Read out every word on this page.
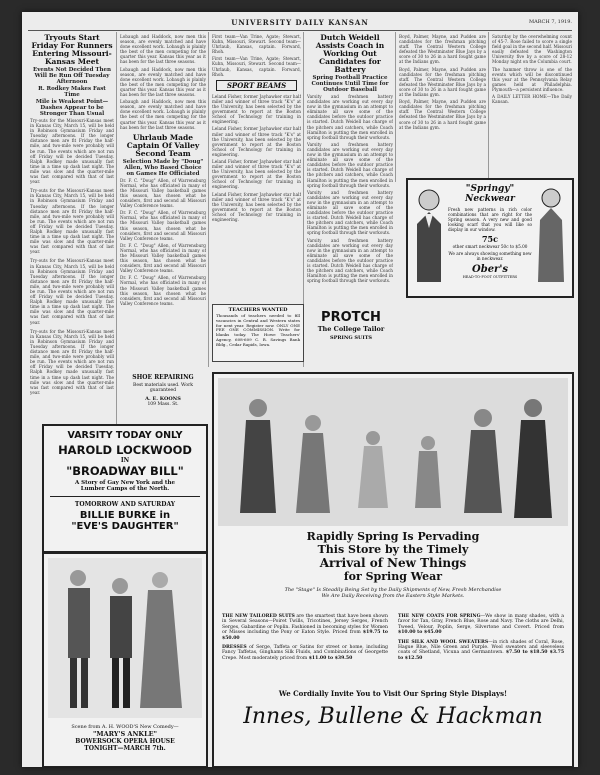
UNIVERSITY DAILY KANSAN	MARCH 7, 1919.
Tryouts Start Friday For Runners Entering Missouri-Kansas Meet
Events Not Decided Then Will Be Run Off Tuesday Afternoon
R. Rodkey Makes Fast Time
Mile is Weakest Point—Dashes Appear to be Stronger Than Usual

Try-outs for the Missouri-Kansas meet in Kansas City, March 15, will be held in Robinson Gymnasium Friday and Tuesday afternoons. If the longer distance men are fit Friday the half-mile, and two-mile were probably will be run. The events which are not run off Friday will be decided Tuesday. Ralph Rodkey made unusually fast time in a time up dash last night. The mile was slow and the quarter-mile was fast compared with that of last year.

Try-outs for the Missouri-Kansas meet in Kansas City, March 15, will be held in Robinson Gymnasium Friday and Tuesday afternoons. If the longer distance men are fit Friday the half-mile, and two-mile were probably will be run. The events which are not run off Friday will be decided Tuesday. Ralph Rodkey made unusually fast time in a time up dash last night. The mile was slow and the quarter-mile was fast compared with that of last year.

Try-outs for the Missouri-Kansas meet in Kansas City, March 15, will be held in Robinson Gymnasium Friday and Tuesday afternoons. If the longer distance men are fit Friday the half-mile, and two-mile were probably will be run. The events which are not run off Friday will be decided Tuesday. Ralph Rodkey made unusually fast time in a time up dash last night. The mile was slow and the quarter-mile was fast compared with that of last year.

Try-outs for the Missouri-Kansas meet in Kansas City, March 15, will be held in Robinson Gymnasium Friday and Tuesday afternoons. If the longer distance men are fit Friday the half-mile, and two-mile were probably will be run. The events which are not run off Friday will be decided Tuesday. Ralph Rodkey made unusually fast time in a time up dash last night. The mile was slow and the quarter-mile was fast compared with that of last year.

Lobaugh and Haddock, now men this season, are evenly matched and have done excellent work. Lobaugh is plainly the best of the men competing for the quarter this year. Kansas this year as it has been for the last three seasons.

Lobaugh and Haddock, now men this season, are evenly matched and have done excellent work. Lobaugh is plainly the best of the men competing for the quarter this year. Kansas this year as it has been for the last three seasons.

Lobaugh and Haddock, now men this season, are evenly matched and have done excellent work. Lobaugh is plainly the best of the men competing for the quarter this year. Kansas this year as it has been for the last three seasons.

Uhrlaub Made Captain Of Valley Second Team
Selection Made by "Doug" Allen, Who Based Choice on Games He Officiated

Dr. F. C. "Doug" Allen, of Warrensburg Normal, who has officiated in many of the Missouri Valley basketball games this season, has chosen what he considers, first and second all Missouri Valley Conference teams.

Dr. F. C. "Doug" Allen, of Warrensburg Normal, who has officiated in many of the Missouri Valley basketball games this season, has chosen what he considers, first and second all Missouri Valley Conference teams.

Dr. F. C. "Doug" Allen, of Warrensburg Normal, who has officiated in many of the Missouri Valley basketball games this season, has chosen what he considers, first and second all Missouri Valley Conference teams.

Dr. F. C. "Doug" Allen, of Warrensburg Normal, who has officiated in many of the Missouri Valley basketball games this season, has chosen what he considers, first and second all Missouri Valley Conference teams.

SHOE REPAIRING
Best materials used. Work guaranteed
A. E. KOONS
109 Mass. St.

First team—Van Trine, Agate; Stewart, Kuhn, Missouri, Stewart. Second team—Uhrlaub, Kansas, captain. Forward, Rhoh.

First team—Van Trine, Agate; Stewart, Kuhn, Missouri, Stewart. Second team—Uhrlaub, Kansas, captain. Forward, Rhoh.

SPORT BEAMS

Leland Fisher, former Jayhawker star half miler and winner of three track "K's" at the University, has been selected by the government to report at the Boston School of Technology for training in engineering.

Leland Fisher, former Jayhawker star half miler and winner of three track "K's" at the University, has been selected by the government to report at the Boston School of Technology for training in engineering.

Leland Fisher, former Jayhawker star half miler and winner of three track "K's" at the University, has been selected by the government to report at the Boston School of Technology for training in engineering.

Leland Fisher, former Jayhawker star half miler and winner of three track "K's" at the University, has been selected by the government to report at the Boston School of Technology for training in engineering.

Dutch Weidell Assists Coach in Working Out Candidates for Battery
Spring Football Practice Continues Until Time for Outdoor Baseball

Varsity and freshmen battery candidates are working out every day now in the gymnasium in an attempt to eliminate all save some of the candidates before the outdoor practice is started. Dutch Weidell has charge of the pitchers and catchers, while Coach Hamilton is putting the men enrolled in spring football through their workouts.

Varsity and freshmen battery candidates are working out every day now in the gymnasium in an attempt to eliminate all save some of the candidates before the outdoor practice is started. Dutch Weidell has charge of the pitchers and catchers, while Coach Hamilton is putting the men enrolled in spring football through their workouts.

Varsity and freshmen battery candidates are working out every day now in the gymnasium in an attempt to eliminate all save some of the candidates before the outdoor practice is started. Dutch Weidell has charge of the pitchers and catchers, while Coach Hamilton is putting the men enrolled in spring football through their workouts.

Varsity and freshmen battery candidates are working out every day now in the gymnasium in an attempt to eliminate all save some of the candidates before the outdoor practice is started. Dutch Weidell has charge of the pitchers and catchers, while Coach Hamilton is putting the men enrolled in spring football through their workouts.

TEACHERS WANTED
Thousands of teachers needed to fill vacancies in Central and Western states for next year. Register now. ONLY ONE FEE ONE COMMISSION. Write for blanks today. The Howe Teachers' Agency, 608-609 C. R. Savings Bank Bldg., Cedar Rapids, Iowa.
PROTCH
The College Tailor
SPRING SUITS

Boyd, Palmer, Mayne, and Pudden are candidates for the freshman pitching staff. The Central Western College defeated the Westminster Blue Jays by a score of 30 to 26 in a hard fought game at the Indians gym.

Boyd, Palmer, Mayne, and Pudden are candidates for the freshman pitching staff. The Central Western College defeated the Westminster Blue Jays by a score of 30 to 26 in a hard fought game at the Indians gym.

Boyd, Palmer, Mayne, and Pudden are candidates for the freshman pitching staff. The Central Western College defeated the Westminster Blue Jays by a score of 30 to 26 in a hard fought game at the Indians gym.

Saturday by the overwhelming count of 45-7. Rose failed to score a single field goal in the second half. Missouri easily defeated the Washington University five by a score of 28-12 Monday night on the Columbia court.

The hammer throw is one of the events which will be discontinued this year at the Pennsylvania Relay games held at Philadelphia. Plymouth—a persistent influence.

A DAILY LETTER HOME—The Daily Kansan.

"Springy"
Neckwear
Fresh new patterns in rich color combinations that are right for the Spring season. A very new and good looking scarf that you will like so display in our window.
75c
other smart neckwear 50c to $5.00
We are always showing something new in neckwear.
Ober's
HEAD-TO-FOOT OUTFITTERS
VARSITY TODAY ONLY
HAROLD LOCKWOOD
IN
"BROADWAY BILL"
A Story of Gay New York and the
Lumber Camps of the North.
TOMORROW AND SATURDAY
BILLIE BURKE in
"EVE'S DAUGHTER"
Scene from A. H. WOOD'S New Comedy—
"MARY'S ANKLE"
BOWERSOCK OPERA HOUSE
TONIGHT—MARCH 7th.
Rapidly Spring Is Pervading
This Store by the Timely
Arrival of New Things
for Spring Wear
The "Stage" Is Steadily Being Set by the Daily Shipments of New, Fresh Merchandise
We Are Daily Receiving from the Eastern Style Markets.

THE NEW TAILORED SUITS are the smartest that have been shown in Several Seasons—Poiret Twills, Tricotines, Jersey Serges, French Serges, Gabardine or Poplin. Fashioned in becoming styles for Women or Misses including the Pony or Eaton Style. Priced from $19.75 to $50.00

DRESSES of Serge, Taffeta or Satins for street or home, including Fancy Taffetas, Ginghams Silk Fluids, and Combinations of Georgette Crepe. Most moderately priced from $11.00 to $39.50

THE NEW COATS FOR SPRING—We show in many shades, with a favor for Tan, Gray, French Blue, Rose and Navy. The cloths are Delhi, Tweed, Velour, Poplin, Serge, Silvertone and Covert. Priced from $10.00 to $45.00

THE SILK AND WOOL SWEATERS—in rich shades of Coral, Rose, Hague Blue, Nile Green and Purple. Wool sweaters and sleeveless coats of Shetland, Vicuna and Germantown. $7.50 to $18.50 $3.75 to $12.50

We Cordially Invite You to Visit Our Spring Style Displays!
Innes, Bullene & Hackman
